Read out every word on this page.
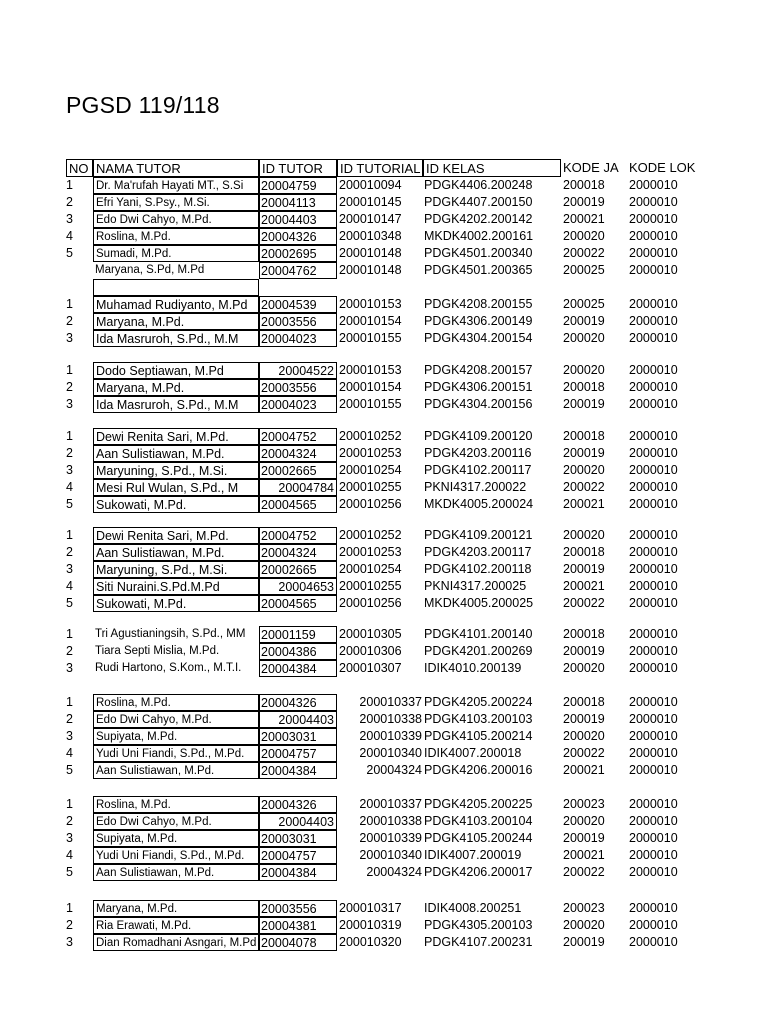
PGSD 119/118
NO NAMA TUTOR	ID TUTOR	ID TUTORIAL ID KELAS	KODE JA KODE LOK
1	Dr. Ma'rufah Hayati MT., S.Si	20004759	200010094	PDGK4406.200248	200018	2000010
2	Efri Yani, S.Psy., M.Si.	20004113	200010145	PDGK4407.200150	200019	2000010
3	Edo Dwi Cahyo, M.Pd.	20004403	200010147	PDGK4202.200142	200021	2000010
4	Roslina, M.Pd.	20004326	200010348	MKDK4002.200161	200020	2000010
5	Sumadi, M.Pd.	20002695	200010148	PDGK4501.200340	200022	2000010
Maryana, S.Pd, M.Pd	20004762	200010148	PDGK4501.200365	200025	2000010
1	Muhamad Rudiyanto, M.Pd	20004539	200010153	PDGK4208.200155	200025	2000010
2	Maryana, M.Pd.	20003556	200010154	PDGK4306.200149	200019	2000010
3	Ida Masruroh, S.Pd., M.M	20004023	200010155	PDGK4304.200154	200020	2000010
1	Dodo Septiawan, M.Pd	20004522 200010153	PDGK4208.200157	200020	2000010
2	Maryana, M.Pd.	20003556	200010154	PDGK4306.200151	200018	2000010
3	Ida Masruroh, S.Pd., M.M	20004023	200010155	PDGK4304.200156	200019	2000010
1	Dewi Renita Sari, M.Pd.	20004752	200010252	PDGK4109.200120	200018	2000010
2	Aan Sulistiawan, M.Pd.	20004324	200010253	PDGK4203.200116	200019	2000010
3	Maryuning, S.Pd., M.Si.	20002665	200010254	PDGK4102.200117	200020	2000010
4	Mesi Rul Wulan, S.Pd., M	20004784 200010255	PKNI4317.200022	200022	2000010
5	Sukowati, M.Pd.	20004565	200010256	MKDK4005.200024	200021	2000010
1	Dewi Renita Sari, M.Pd.	20004752	200010252	PDGK4109.200121	200020	2000010
2	Aan Sulistiawan, M.Pd.	20004324	200010253	PDGK4203.200117	200018	2000010
3	Maryuning, S.Pd., M.Si.	20002665	200010254	PDGK4102.200118	200019	2000010
4	Siti Nuraini.S.Pd.M.Pd	20004653 200010255	PKNI4317.200025	200021	2000010
5	Sukowati, M.Pd.	20004565	200010256	MKDK4005.200025	200022	2000010
1	Tri Agustianingsih, S.Pd., MM	20001159	200010305	PDGK4101.200140	200018	2000010
2	Tiara Septi Mislia, M.Pd.	20004386	200010306	PDGK4201.200269	200019	2000010
3	Rudi Hartono, S.Kom., M.T.I.	20004384	200010307	IDIK4010.200139	200020	2000010
1	Roslina, M.Pd.	20004326	200010337 PDGK4205.200224	200018	2000010
2	Edo Dwi Cahyo, M.Pd.	20004403	200010338 PDGK4103.200103	200019	2000010
3	Supiyata, M.Pd.	20003031	200010339 PDGK4105.200214	200020	2000010
4	Yudi Uni Fiandi, S.Pd., M.Pd.	20004757	200010340 IDIK4007.200018	200022	2000010
5	Aan Sulistiawan, M.Pd.	20004384	20004324 PDGK4206.200016	200021	2000010
1	Roslina, M.Pd.	20004326	200010337 PDGK4205.200225	200023	2000010
2	Edo Dwi Cahyo, M.Pd.	20004403	200010338 PDGK4103.200104	200020	2000010
3	Supiyata, M.Pd.	20003031	200010339 PDGK4105.200244	200019	2000010
4	Yudi Uni Fiandi, S.Pd., M.Pd.	20004757	200010340 IDIK4007.200019	200021	2000010
5	Aan Sulistiawan, M.Pd.	20004384	20004324 PDGK4206.200017	200022	2000010
1	Maryana, M.Pd.	20003556	200010317	IDIK4008.200251	200023	2000010
2	Ria Erawati, M.Pd.	20004381	200010319	PDGK4305.200103	200020	2000010
3	Dian Romadhani Asngari, M.Pd 20004078	200010320	PDGK4107.200231	200019	2000010
